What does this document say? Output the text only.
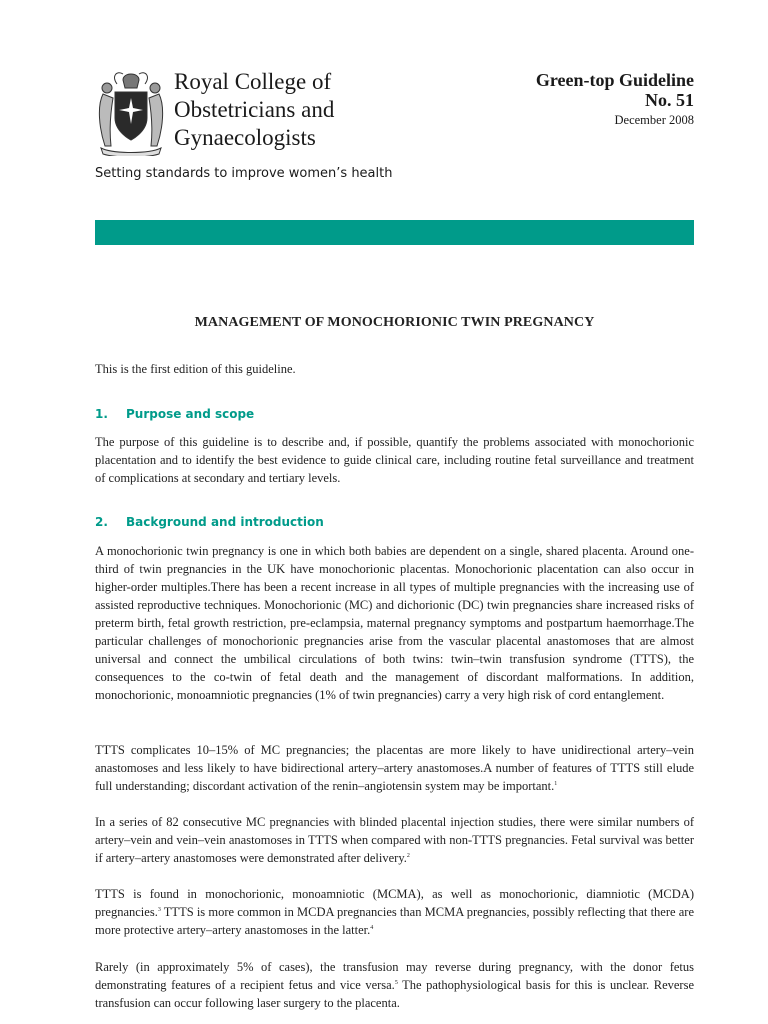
Royal College of
Obstetricians and
Gynaecologists
Setting standards to improve women’s health
Green-top Guideline
No. 51
December 2008
MANAGEMENT OF MONOCHORIONIC TWIN PREGNANCY
This is the first edition of this guideline.
1. Purpose and scope
The purpose of this guideline is to describe and, if possible, quantify the problems associated with monochorionic placentation and to identify the best evidence to guide clinical care, including routine fetal surveillance and treatment of complications at secondary and tertiary levels.
2. Background and introduction
A monochorionic twin pregnancy is one in which both babies are dependent on a single, shared placenta. Around one-third of twin pregnancies in the UK have monochorionic placentas. Monochorionic placentation can also occur in higher-order multiples.There has been a recent increase in all types of multiple pregnancies with the increasing use of assisted reproductive techniques. Monochorionic (MC) and dichorionic (DC) twin pregnancies share increased risks of preterm birth, fetal growth restriction, pre-eclampsia, maternal pregnancy symptoms and postpartum haemorrhage.The particular challenges of monochorionic pregnancies arise from the vascular placental anastomoses that are almost universal and connect the umbilical circulations of both twins: twin–twin transfusion syndrome (TTTS), the consequences to the co-twin of fetal death and the management of discordant malformations. In addition, monochorionic, monoamniotic pregnancies (1% of twin pregnancies) carry a very high risk of cord entanglement.
TTTS complicates 10–15% of MC pregnancies; the placentas are more likely to have unidirectional artery–vein anastomoses and less likely to have bidirectional artery–artery anastomoses.A number of features of TTTS still elude full understanding; discordant activation of the renin–angiotensin system may be important.$^1$
In a series of 82 consecutive MC pregnancies with blinded placental injection studies, there were similar numbers of artery–vein and vein–vein anastomoses in TTTS when compared with non-TTTS pregnancies. Fetal survival was better if artery–artery anastomoses were demonstrated after delivery.$^2$
TTTS is found in monochorionic, monoamniotic (MCMA), as well as monochorionic, diamniotic (MCDA) pregnancies.$^3$ TTTS is more common in MCDA pregnancies than MCMA pregnancies, possibly reflecting that there are more protective artery–artery anastomoses in the latter.$^4$
Rarely (in approximately 5% of cases), the transfusion may reverse during pregnancy, with the donor fetus demonstrating features of a recipient fetus and vice versa.$^5$ The pathophysiological basis for this is unclear. Reverse transfusion can occur following laser surgery to the placenta.
